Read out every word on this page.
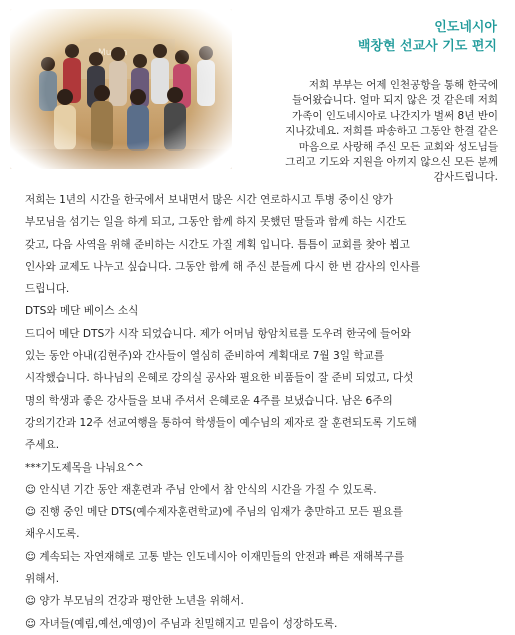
인도네시아
백창현 선교사 기도 편지
저희 부부는 어제 인천공항을 통해 한국에
들어왔습니다. 얼마 되지 않은 것 같은데 저희
가족이 인도네시아로 나간지가 벌써 8년 반이
지나갔네요. 저희를 파송하고 그동안 한결 같은
마음으로 사랑해 주신 모든 교회와 성도님들
그리고 기도와 지원을 아끼지 않으신 모든 분께
감사드립니다.
저희는 1년의 시간을 한국에서 보내면서 많은 시간 연로하시고 투병 중이신 양가
부모님을 섬기는 일을 하게 되고, 그동안 함께 하지 못했던 딸들과 함께 하는 시간도
갖고, 다음 사역을 위해 준비하는 시간도 가질 계획 입니다. 틈틈이 교회를 찾아 뵙고
인사와 교제도 나누고 싶습니다. 그동안 함께 해 주신 분들께 다시 한 번 감사의 인사를
드립니다.
DTS와 메단 베이스 소식
드디어 메단 DTS가 시작 되었습니다. 제가 어머님 항암치료를 도우려 한국에 들어와
있는 동안 아내(김현주)와 간사들이 열심히 준비하여 계획대로 7월 3일 학교를
시작했습니다. 하나님의 은혜로 강의실 공사와 필요한 비품들이 잘 준비 되었고, 다섯
명의 학생과 좋은 강사들을 보내 주셔서 은혜로운 4주를 보냈습니다. 남은 6주의
강의기간과 12주 선교여행을 통하여 학생들이 예수님의 제자로 잘 훈련되도록 기도해
주세요.
***기도제목을 나눠요^^
☺ 안식년 기간 동안 재훈련과 주님 안에서 참 안식의 시간을 가질 수 있도록.
☺ 진행 중인 메단 DTS(예수제자훈련학교)에 주님의 임재가 충만하고 모든 필요를
채우시도록.
☺ 계속되는 자연재해로 고통 받는 인도네시아 이재민들의 안전과 빠른 재해복구를
위해서.
☺ 양가 부모님의 건강과 평안한 노년을 위해서.
☺ 자녀들(예림,예선,예영)이 주님과 친밀해지고 믿음이 성장하도록.
